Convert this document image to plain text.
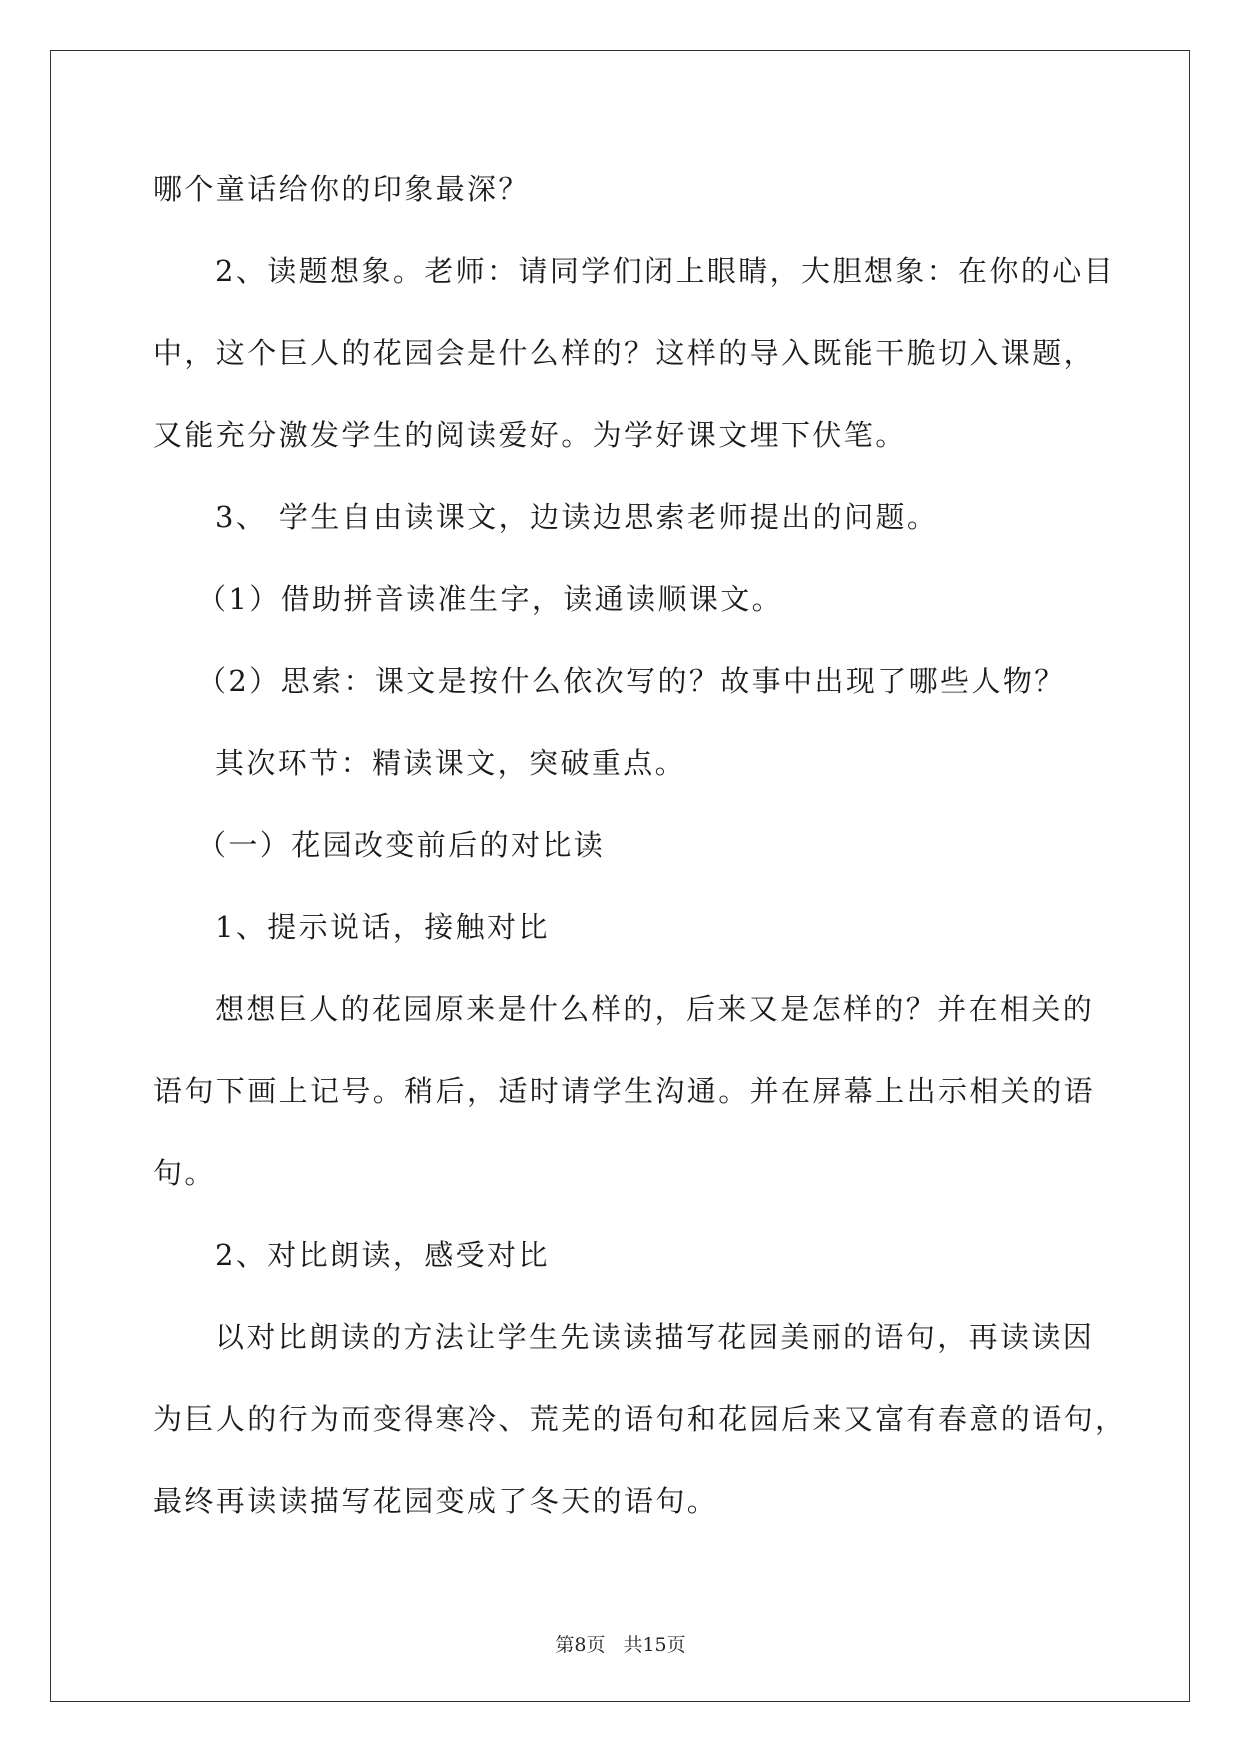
哪个童话给你的印象最深？

2、读题想象。老师：请同学们闭上眼睛，大胆想象：在你的心目

中，这个巨人的花园会是什么样的？这样的导入既能干脆切入课题，

又能充分激发学生的阅读爱好。为学好课文埋下伏笔。

3、 学生自由读课文，边读边思索老师提出的问题。

（1）借助拼音读准生字，读通读顺课文。

（2）思索：课文是按什么依次写的？故事中出现了哪些人物？

其次环节：精读课文，突破重点。

（一）花园改变前后的对比读

1、提示说话，接触对比

想想巨人的花园原来是什么样的，后来又是怎样的？并在相关的

语句下画上记号。稍后，适时请学生沟通。并在屏幕上出示相关的语

句。

2、对比朗读，感受对比

以对比朗读的方法让学生先读读描写花园美丽的语句，再读读因

为巨人的行为而变得寒冷、荒芜的语句和花园后来又富有春意的语句，

最终再读读描写花园变成了冬天的语句。

第8页 共15页
